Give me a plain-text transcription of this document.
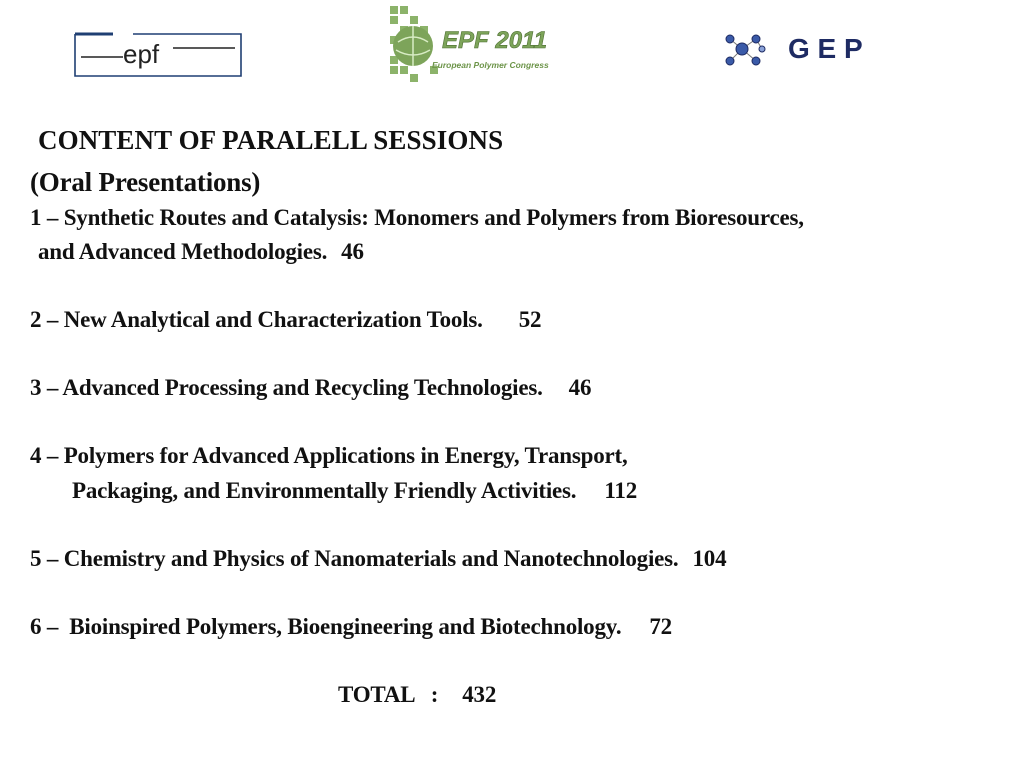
epf	EPF 2011
European Polymer Congress
G E P

CONTENT OF PARALELL SESSIONS

(Oral Presentations)

1 – Synthetic Routes and Catalysis: Monomers and Polymers from Bioresources,

and Advanced Methodologies. 46

2 – New Analytical and Characterization Tools. 52

3 – Advanced Processing and Recycling Technologies. 46

4 – Polymers for Advanced Applications in Energy, Transport,

Packaging, and Environmentally Friendly Activities. 112

5 – Chemistry and Physics of Nanomaterials and Nanotechnologies. 104

6 –  Bioinspired Polymers, Bioengineering and Biotechnology. 72

TOTAL   : 432
